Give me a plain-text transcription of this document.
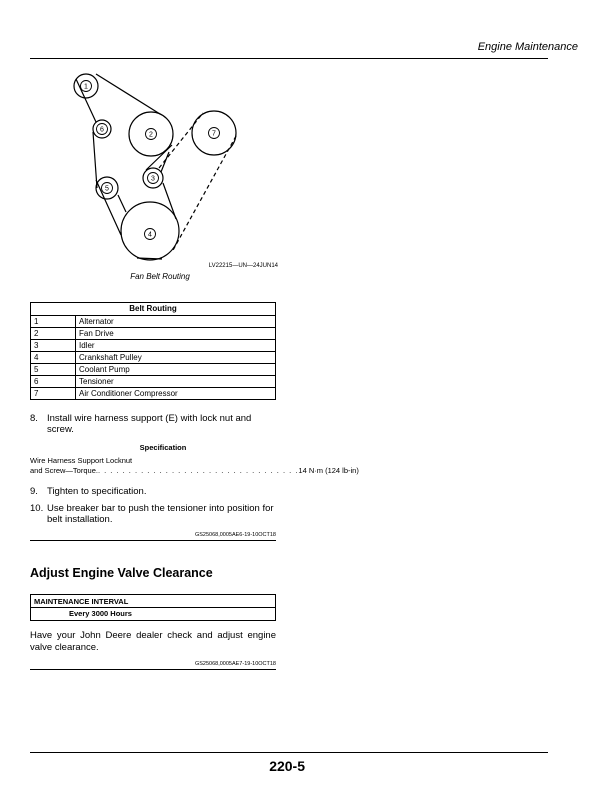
Engine Maintenance
1
6
2	7
3
5
4
LV22215—UN—24JUN14
Fan Belt Routing
Belt Routing	
1	Alternator
2	Fan Drive
3	Idler
4	Crankshaft Pulley
5	Coolant Pump
6	Tensioner
7	Air Conditioner Compressor
8. Install wire harness support (E) with lock nut and screw.
Specification
Wire Harness Support Locknut
and Screw—Torque. . . . . . . . . . . . . . . . . . . . . . . . . . . . . . . . . . 14 N·m (124 lb-in)
9. Tighten to specification.
10. Use breaker bar to push the tensioner into position for belt installation.
GS25068,0005AE6-19-10OCT18
Adjust Engine Valve Clearance
MAINTENANCE INTERVAL
Every 3000 Hours
Have your John Deere dealer check and adjust engine valve clearance.
GS25068,0005AE7-19-10OCT18
220-5
